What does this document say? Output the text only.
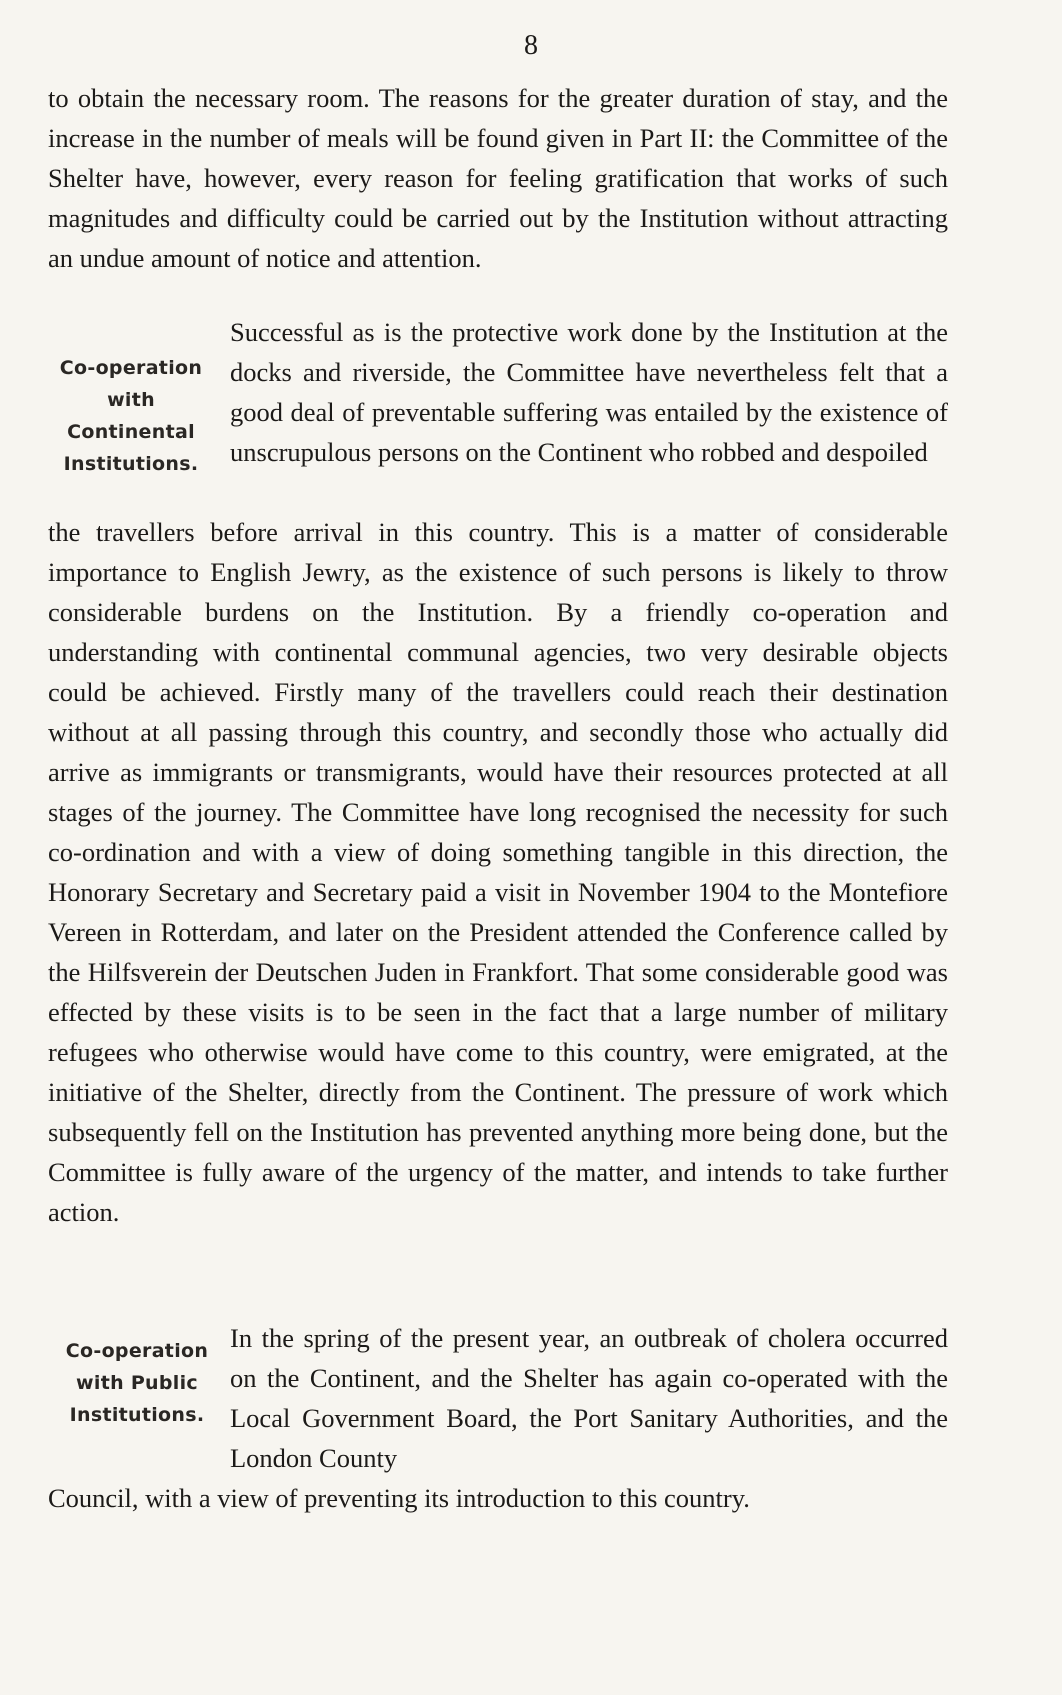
8

to obtain the necessary room. The reasons for the greater duration of stay, and the increase in the number of meals will be found given in Part II: the Committee of the Shelter have, however, every reason for feeling gratification that works of such magnitudes and difficulty could be carried out by the Institution without attracting an undue amount of notice and attention.

Co-operation
with
Continental
Institutions.

Successful as is the protective work done by the Institution at the docks and riverside, the Committee have nevertheless felt that a good deal of preventable suffering was entailed by the existence of unscrupulous persons on the Continent who robbed and despoiled

the travellers before arrival in this country. This is a matter of considerable importance to English Jewry, as the existence of such persons is likely to throw considerable burdens on the Institution. By a friendly co-operation and understanding with continental communal agencies, two very desirable objects could be achieved. Firstly many of the travellers could reach their destination without at all passing through this country, and secondly those who actually did arrive as immigrants or transmigrants, would have their resources protected at all stages of the journey. The Committee have long recognised the necessity for such co-ordination and with a view of doing something tangible in this direction, the Honorary Secretary and Secretary paid a visit in November 1904 to the Montefiore Vereen in Rotterdam, and later on the President attended the Conference called by the Hilfsverein der Deutschen Juden in Frankfort. That some considerable good was effected by these visits is to be seen in the fact that a large number of military refugees who otherwise would have come to this country, were emigrated, at the initiative of the Shelter, directly from the Continent. The pressure of work which subsequently fell on the Institution has prevented anything more being done, but the Committee is fully aware of the urgency of the matter, and intends to take further action.

Co-operation
with Public
Institutions.

In the spring of the present year, an outbreak of cholera occurred on the Continent, and the Shelter has again co-operated with the Local Government Board, the Port Sanitary Authorities, and the London County

Council, with a view of preventing its introduction to this country.
